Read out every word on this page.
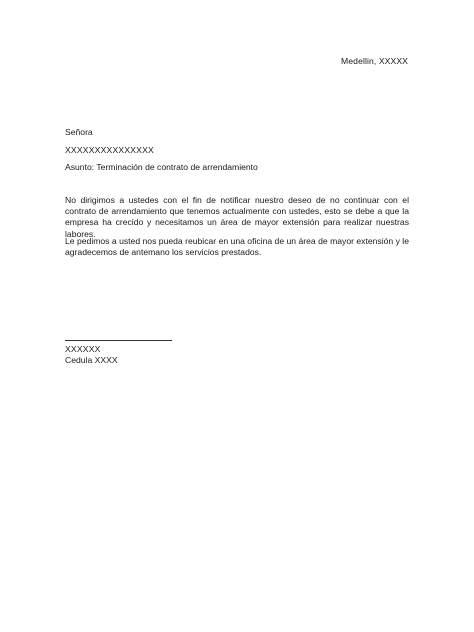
Medellin, XXXXX
Señora
XXXXXXXXXXXXXXX
Asunto: Terminación de contrato de arrendamiento

No dirigimos a ustedes con el fin de notificar nuestro deseo de no continuar con el contrato de arrendamiento que tenemos actualmente con ustedes, esto se debe a que la empresa ha crecido y necesitamos un área de mayor extensión para realizar nuestras labores.

Le pedimos a usted nos pueda reubicar en una oficina de un área de mayor extensión y le agradecemos de antemano los servicios prestados.

XXXXXX
Cedula XXXX
